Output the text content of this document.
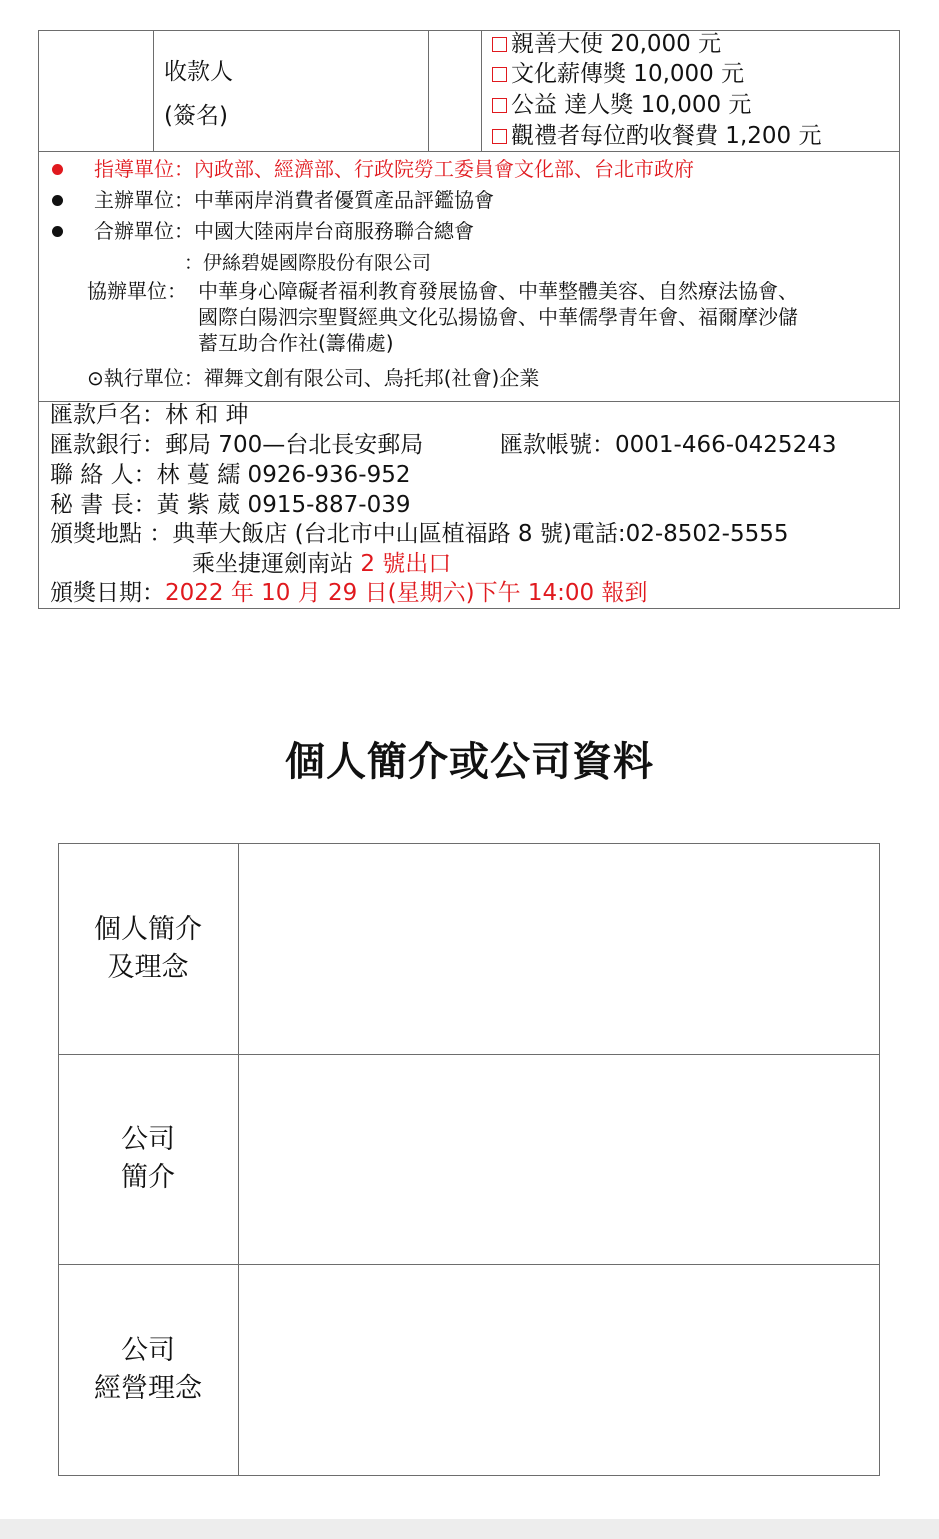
收款人
(簽名)
親善大使 20,000 元
文化薪傳獎 10,000 元
公益 達人獎 10,000 元
觀禮者每位酌收餐費 1,200 元
指導單位：內政部、經濟部、行政院勞工委員會文化部、台北市政府
主辦單位：中華兩岸消費者優質產品評鑑協會
合辦單位：中國大陸兩岸台商服務聯合總會
：伊絲碧媞國際股份有限公司
協辦單位： 中華身心障礙者福利教育發展協會、中華整體美容、自然療法協會、
國際白陽泗宗聖賢經典文化弘揚協會、中華儒學青年會、福爾摩沙儲
蓄互助合作社(籌備處)
⊙執行單位：禪舞文創有限公司、烏托邦(社會)企業
匯款戶名：林 和 珅
匯款銀行：郵局 700—台北長安郵局	匯款帳號：0001-466-0425243
聯 絡 人：林 蔓 繻 0926-936-952
秘 書 長：黃 紫 葳 0915-887-039
頒獎地點 ：典華大飯店 (台北市中山區植福路 8 號)電話:02-8502-5555
乘坐捷運劍南站 2 號出口
頒獎日期：2022 年 10 月 29 日(星期六)下午 14:00 報到
個人簡介或公司資料
個人簡介
及理念
公司
簡介
公司
經營理念
